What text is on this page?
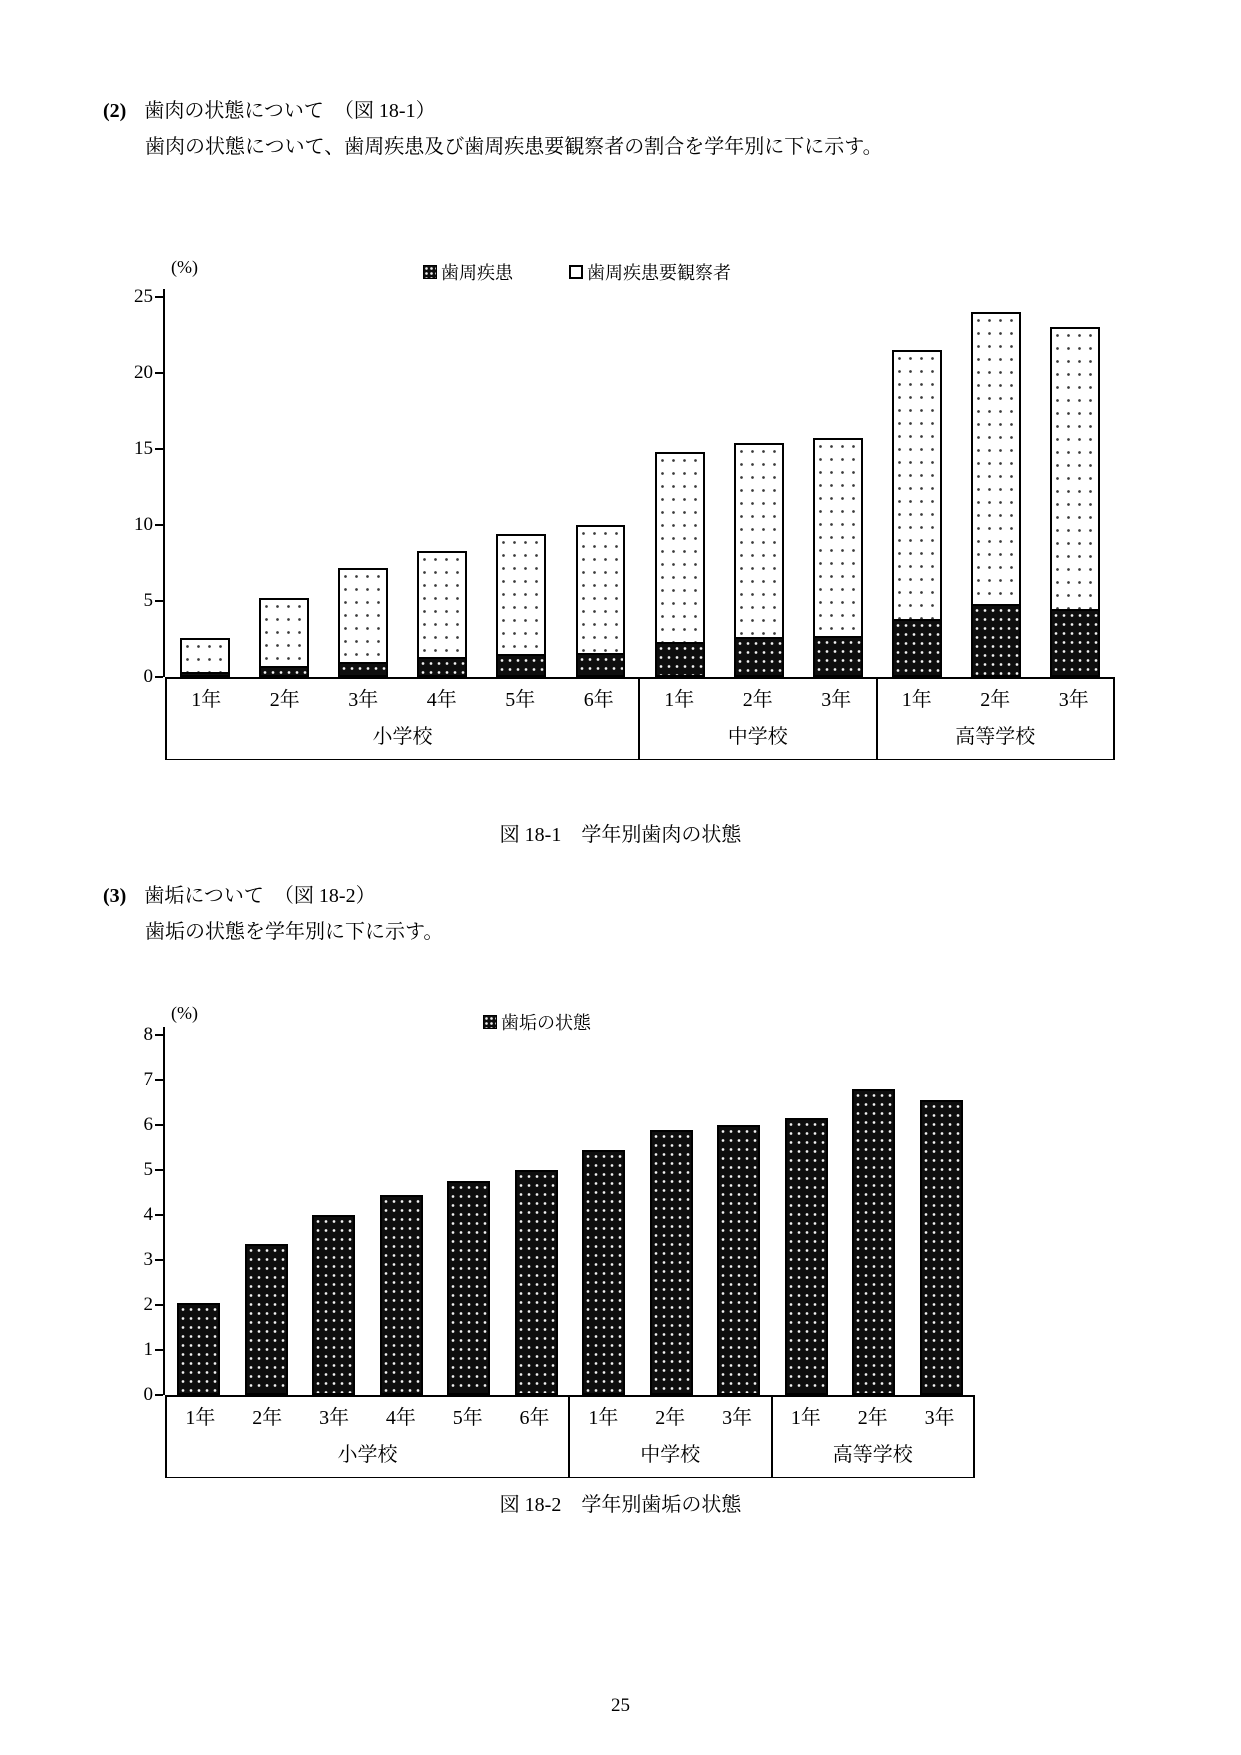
(2) 歯肉の状態について　（図 18-1）
歯肉の状態について、歯周疾患及び歯周疾患要観察者の割合を学年別に下に示す。
(%)	歯周疾患	歯周疾患要観察者
0
5
10
15
20
25
1年	2年	3年	4年	5年	6年
小学校
1年	2年	3年
中学校
1年	2年	3年
高等学校
図 18-1　学年別歯肉の状態
(3) 歯垢について　（図 18-2）
歯垢の状態を学年別に下に示す。
(%)	歯垢の状態
0
1
2
3
4
5
6
7
8
1年	2年	3年	4年	5年	6年
小学校
1年	2年	3年
中学校
1年	2年	3年
高等学校
図 18-2　学年別歯垢の状態
25
